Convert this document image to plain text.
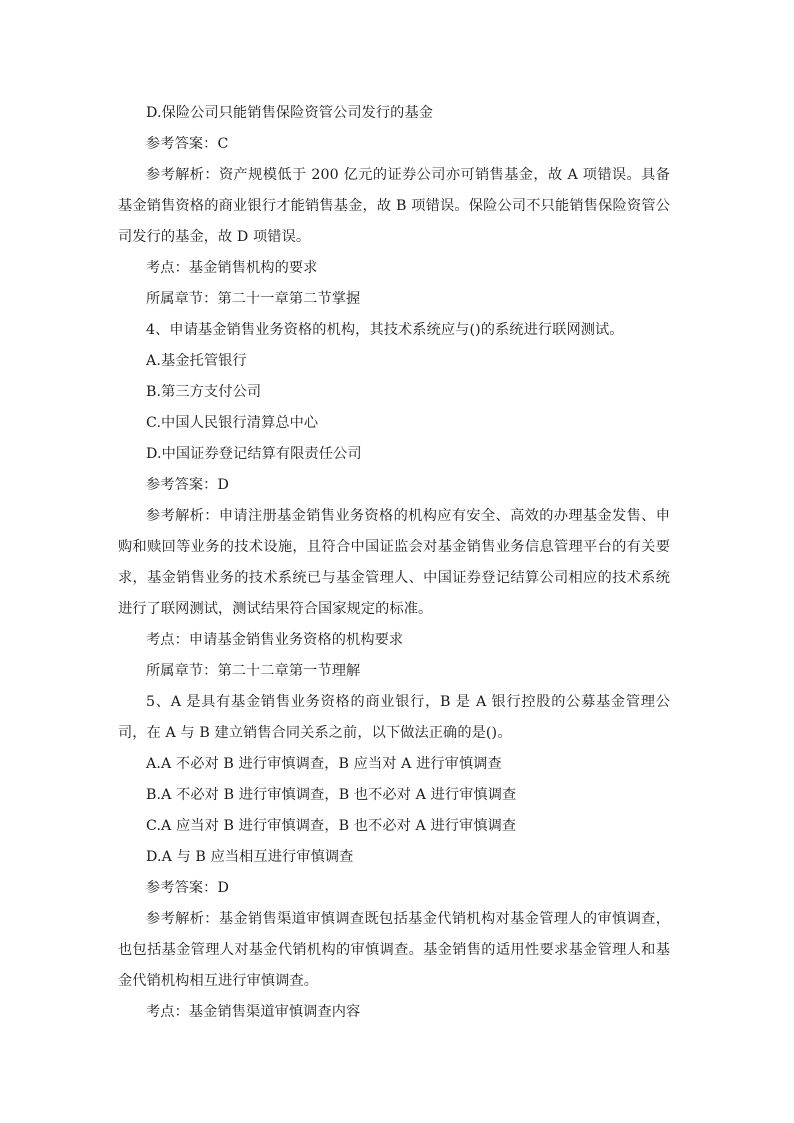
D.保险公司只能销售保险资管公司发行的基金
参考答案：C
参考解析：资产规模低于 200 亿元的证券公司亦可销售基金，故 A 项错误。具备基金销售资格的商业银行才能销售基金，故 B 项错误。保险公司不只能销售保险资管公司发行的基金，故 D 项错误。
考点：基金销售机构的要求
所属章节：第二十一章第二节掌握
4、申请基金销售业务资格的机构，其技术系统应与()的系统进行联网测试。
A.基金托管银行
B.第三方支付公司
C.中国人民银行清算总中心
D.中国证券登记结算有限责任公司
参考答案：D
参考解析：申请注册基金销售业务资格的机构应有安全、高效的办理基金发售、申购和赎回等业务的技术设施，且符合中国证监会对基金销售业务信息管理平台的有关要求，基金销售业务的技术系统已与基金管理人、中国证券登记结算公司相应的技术系统进行了联网测试，测试结果符合国家规定的标准。
考点：申请基金销售业务资格的机构要求
所属章节：第二十二章第一节理解
5、A 是具有基金销售业务资格的商业银行，B 是 A 银行控股的公募基金管理公司，在 A 与 B 建立销售合同关系之前，以下做法正确的是()。
A.A 不必对 B 进行审慎调查，B 应当对 A 进行审慎调查
B.A 不必对 B 进行审慎调查，B 也不必对 A 进行审慎调查
C.A 应当对 B 进行审慎调查，B 也不必对 A 进行审慎调查
D.A 与 B 应当相互进行审慎调查
参考答案：D
参考解析：基金销售渠道审慎调查既包括基金代销机构对基金管理人的审慎调查，也包括基金管理人对基金代销机构的审慎调查。基金销售的适用性要求基金管理人和基金代销机构相互进行审慎调查。
考点：基金销售渠道审慎调查内容
